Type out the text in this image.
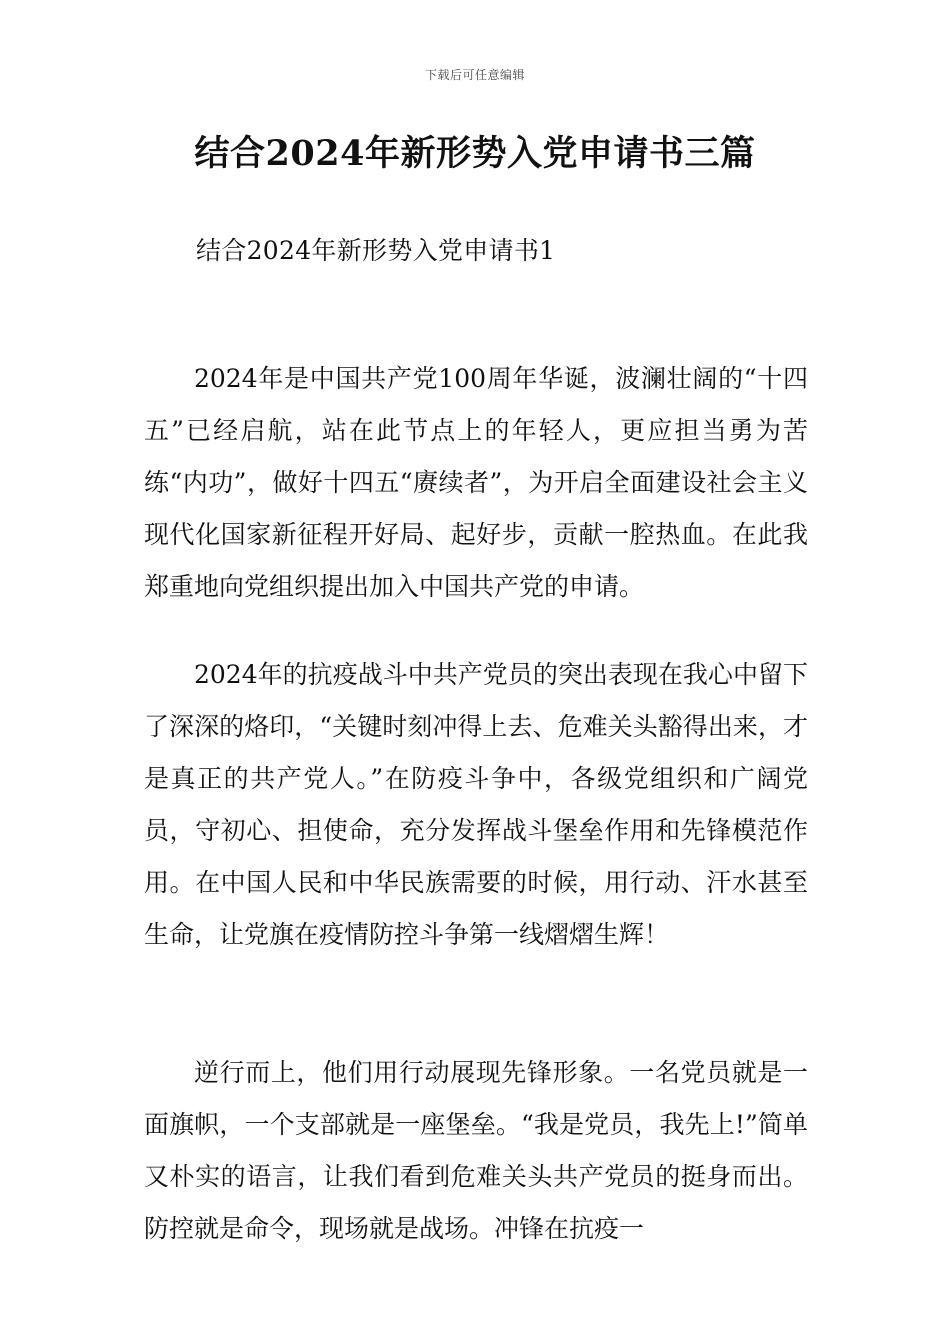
下载后可任意编辑
结合2024年新形势入党申请书三篇
结合2024年新形势入党申请书1

2024年是中国共产党100周年华诞，波澜壮阔的“十四五”已经启航，站在此节点上的年轻人，更应担当勇为苦练“内功”，做好十四五“赓续者”，为开启全面建设社会主义现代化国家新征程开好局、起好步，贡献一腔热血。在此我郑重地向党组织提出加入中国共产党的申请。

2024年的抗疫战斗中共产党员的突出表现在我心中留下了深深的烙印，“关键时刻冲得上去、危难关头豁得出来，才是真正的共产党人。”在防疫斗争中，各级党组织和广阔党员，守初心、担使命，充分发挥战斗堡垒作用和先锋模范作用。在中国人民和中华民族需要的时候，用行动、汗水甚至生命，让党旗在疫情防控斗争第一线熠熠生辉！

逆行而上，他们用行动展现先锋形象。一名党员就是一面旗帜，一个支部就是一座堡垒。“我是党员，我先上!”简单又朴实的语言，让我们看到危难关头共产党员的挺身而出。防控就是命令，现场就是战场。冲锋在抗疫一
